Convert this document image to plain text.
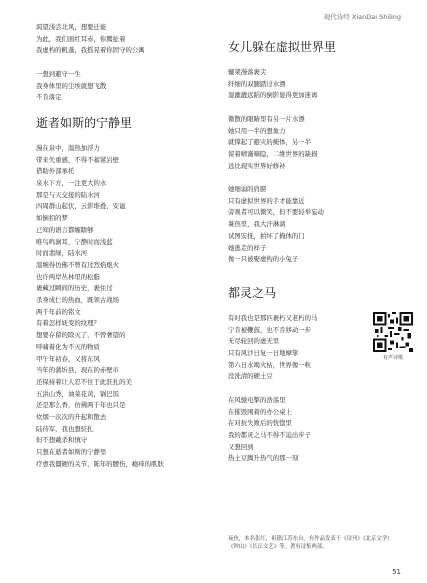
现代诗经 XianDai Shiling
渴望浅尝北风，想要迁徙
为此，我们面红耳赤，你腾扯着
我虚构的帆蓬，我摇晃着你固守的公寓
一想到避守一生
我身体里的尘埃就想飞散
不肯落定
逝者如斯的宁静里
漫在泉中，温热加浮力
带来失重感，不得不蓄紧岩壁
借助外部承托
泉水下方，一注更大的水
那是与天交接的陆水河
四周群山起伏，云影堆叠，安谧
如倒扣的梦
已知的语言都缠瞎够
唯鸟鸣涧耳，宁静时而浅蓝
时而翡绿，陆水河
温婉得仿佛不曾有过烈焰炮火
也许两岸丛林里的松脂
裹藏过瞬间的历史，裹住过
杀身成仁的热血，既领古战场
两千年前的铭文
有着怎样妩变的纹理？
想要存留的除灭了，不曾奢望的
呼啸着化为不灭的物质
甲午年初春，又将东风
当年的蒲圻县，现在的赤壁市
还保持着让人忍不住于此驻扎的美
五洪山秀，油菜花黄，锅巴饭
还是那么香，仿佛两千年也只是
炊烟一次次的升起和散去
陆待军，我也想驻扎
但不想戴杀和慎守
只想在逝者如斯的宁静里
疗愈我僵硬的关节，陈年的腰伤，瘾痒的肌肤
女儿躲在虚拟世界里
辘架漫落裹尖
纤细的双腿踏过水漂
湿漉漉远蹈的倒影显得更加迷离
微散的眼睛里有另一片水漂
她只用一半的想象力
就撑起了避灾的掩体，另一半
留着晴霭嘀隐，二维世界的缺损
远比现实世界好修补
她细弱的肩膀
只有虚拟世界的手才能靠近
旁观者可以微笑，但不要轻举妄动
暑热里，我大汗淋漓
试图安抚，拍坏了掩体的门
她逃走的样子
像一只被娶虚构的小兔子
都灵之马
有时我也是那匹裹朽又老朽的马
宁肯被鞭鼓，也不肯移动一步
无尽轮回的虚无里
只有风沙日复一日地摩挲
第六日水竭火枯，世界像一粒
没洗清的硬土豆
在风驰电掣的浩荡里
在摧毁围着的办公桌上
在对抗失败后的恍惚里
我的都灵之马不得不迫出步子
又想回到
热土豆腾升热气的那一刻
有声诗歌
夜鱼，本名张红，祖籍江苏东台。有作品发表于《诗刊》《北京文学》《钟山》《长江文艺》等。著有诗集两部。
51
